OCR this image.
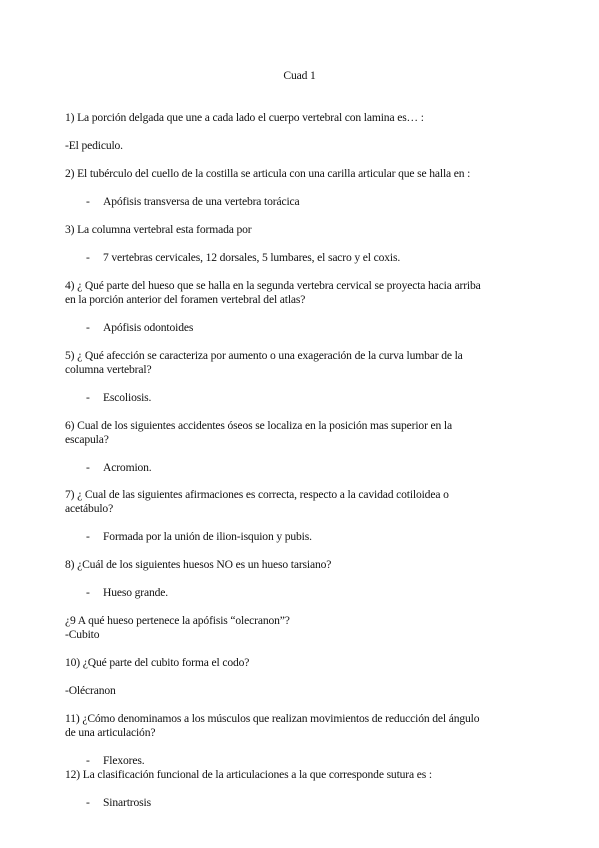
Cuad 1
1) La porción delgada que une a cada lado el cuerpo vertebral con lamina es… :
-El pediculo.
2) El tubérculo del cuello de la costilla se articula con una carilla articular que se halla en :
- Apófisis transversa de una vertebra torácica
3) La columna vertebral esta formada por
- 7 vertebras cervicales, 12 dorsales, 5 lumbares, el sacro y el coxis.
4) ¿ Qué parte del hueso que se halla en la segunda vertebra cervical se proyecta hacia arriba
en la porción anterior del foramen vertebral del atlas?
- Apófisis odontoides
5) ¿ Qué afección se caracteriza por aumento o una exageración de la curva lumbar de la
columna vertebral?
- Escoliosis.
6) Cual de los siguientes accidentes óseos se localiza en la posición mas superior en la
escapula?
- Acromion.
7) ¿ Cual de las siguientes afirmaciones es correcta, respecto a la cavidad cotiloidea o
acetábulo?
- Formada por la unión de ilion-isquion y pubis.
8) ¿Cuál de los siguientes huesos NO es un hueso tarsiano?
- Hueso grande.
¿9 A qué hueso pertenece la apófisis “olecranon”?
-Cubito
10) ¿Qué parte del cubito forma el codo?
-Olécranon
11) ¿Cómo denominamos a los músculos que realizan movimientos de reducción del ángulo
de una articulación?
- Flexores.
12) La clasificación funcional de la articulaciones a la que corresponde sutura es :
- Sinartrosis
